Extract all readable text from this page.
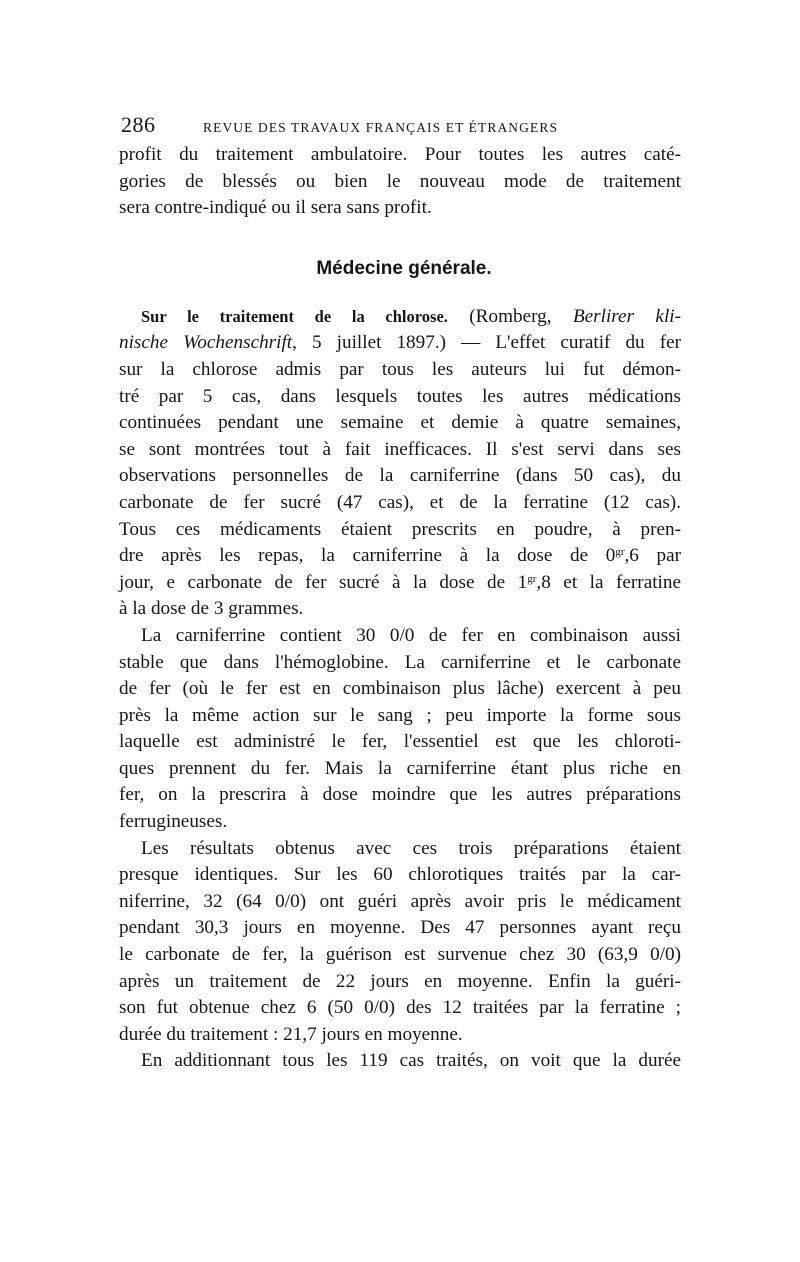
286	REVUE DES TRAVAUX FRANÇAIS ET ÉTRANGERS
profit du traitement ambulatoire. Pour toutes les autres caté-
gories de blessés ou bien le nouveau mode de traitement
sera contre-indiqué ou il sera sans profit.
Médecine générale.
Sur le traitement de la chlorose. (Romberg, Berlirer kli-
nische Wochenschrift, 5 juillet 1897.) — L'effet curatif du fer
sur la chlorose admis par tous les auteurs lui fut démon-
tré par 5 cas, dans lesquels toutes les autres médications
continuées pendant une semaine et demie à quatre semaines,
se sont montrées tout à fait inefficaces. Il s'est servi dans ses
observations personnelles de la carniferrine (dans 50 cas), du
carbonate de fer sucré (47 cas), et de la ferratine (12 cas).
Tous ces médicaments étaient prescrits en poudre, à pren-
dre après les repas, la carniferrine à la dose de $0^{gr},6$ par
jour, e carbonate de fer sucré à la dose de $1^{gr},8$ et la ferratine
à la dose de 3 grammes.
La carniferrine contient 30 0/0 de fer en combinaison aussi
stable que dans l'hémoglobine. La carniferrine et le carbonate
de fer (où le fer est en combinaison plus lâche) exercent à peu
près la même action sur le sang ; peu importe la forme sous
laquelle est administré le fer, l'essentiel est que les chloroti-
ques prennent du fer. Mais la carniferrine étant plus riche en
fer, on la prescrira à dose moindre que les autres préparations
ferrugineuses.
Les résultats obtenus avec ces trois préparations étaient
presque identiques. Sur les 60 chlorotiques traités par la car-
niferrine, 32 (64 0/0) ont guéri après avoir pris le médicament
pendant 30,3 jours en moyenne. Des 47 personnes ayant reçu
le carbonate de fer, la guérison est survenue chez 30 (63,9 0/0)
après un traitement de 22 jours en moyenne. Enfin la guéri-
son fut obtenue chez 6 (50 0/0) des 12 traitées par la ferratine ;
durée du traitement : 21,7 jours en moyenne.
En additionnant tous les 119 cas traités, on voit que la durée
